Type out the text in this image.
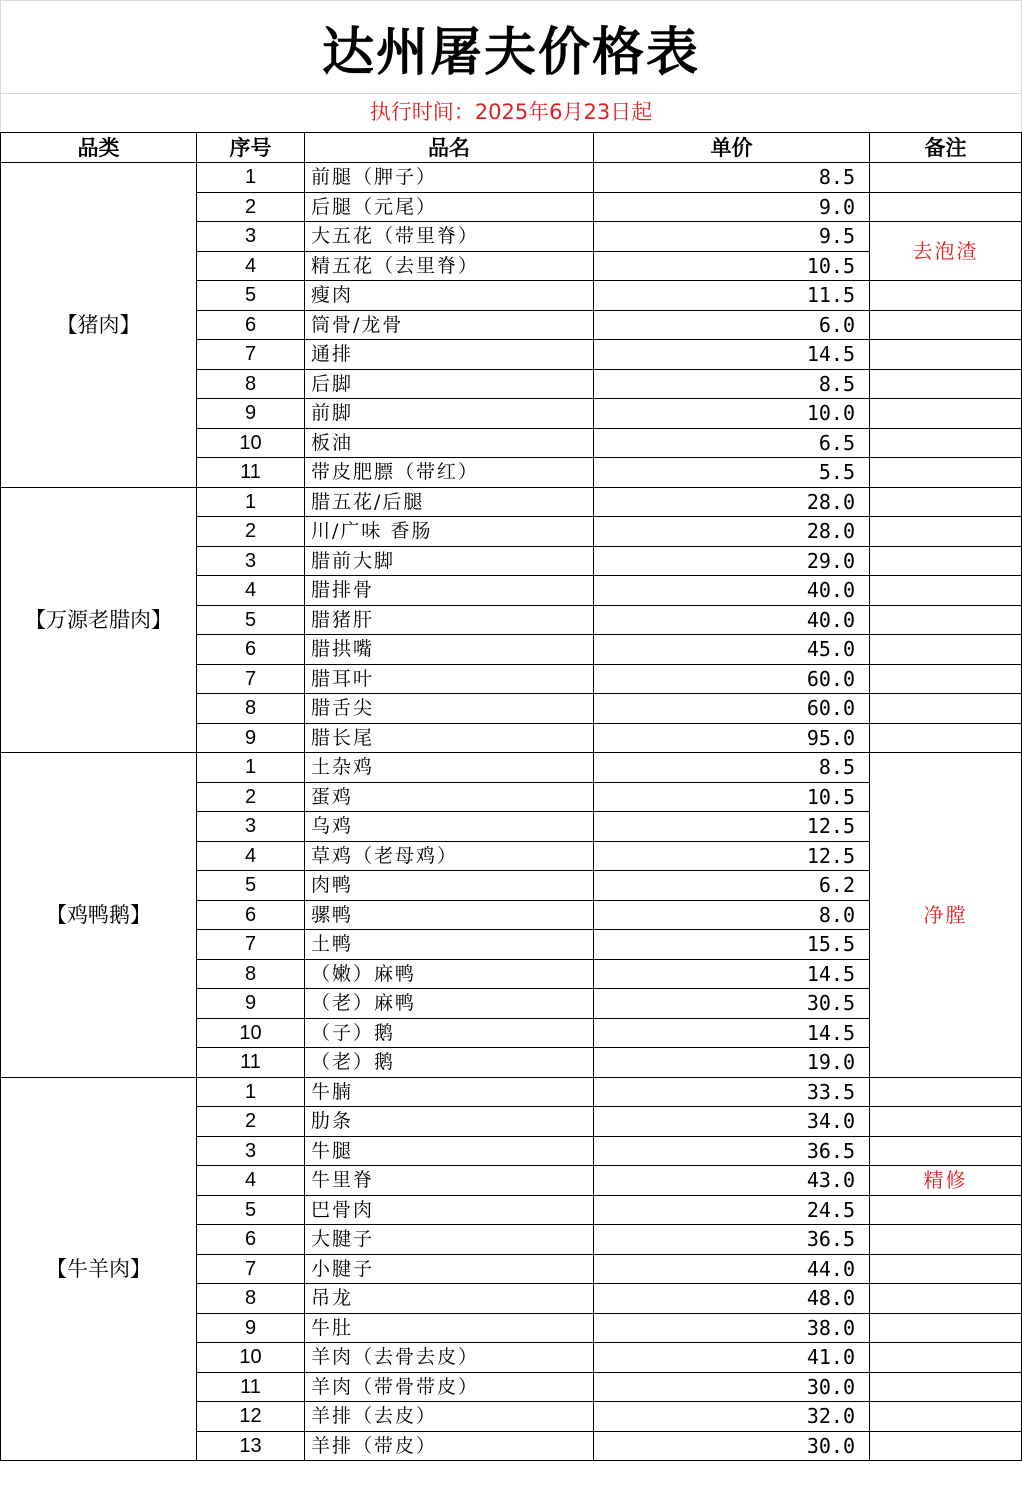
达州屠夫价格表
执行时间：2025年6月23日起
品类	序号	品名	单价	备注
【猪肉】	1	前腿（胛子）	8.5	
	2	后腿（元尾）	9.0	
	3	大五花（带里脊）	9.5	去泡渣
	4	精五花（去里脊）	10.5	
	5	瘦肉	11.5	
	6	筒骨/龙骨	6.0	
	7	通排	14.5	
	8	后脚	8.5	
	9	前脚	10.0	
	10	板油	6.5	
	11	带皮肥膘（带红）	5.5	
【万源老腊肉】	1	腊五花/后腿	28.0	
	2	川/广味 香肠	28.0	
	3	腊前大脚	29.0	
	4	腊排骨	40.0	
	5	腊猪肝	40.0	
	6	腊拱嘴	45.0	
	7	腊耳叶	60.0	
	8	腊舌尖	60.0	
	9	腊长尾	95.0	
【鸡鸭鹅】	1	土杂鸡	8.5	净膛
	2	蛋鸡	10.5	
	3	乌鸡	12.5	
	4	草鸡（老母鸡）	12.5	
	5	肉鸭	6.2	
	6	骡鸭	8.0	
	7	土鸭	15.5	
	8	（嫩）麻鸭	14.5	
	9	（老）麻鸭	30.5	
	10	（子）鹅	14.5	
	11	（老）鹅	19.0	
【牛羊肉】	1	牛腩	33.5	
	2	肋条	34.0	
	3	牛腿	36.5	
	4	牛里脊	43.0	精修
	5	巴骨肉	24.5	
	6	大腱子	36.5	
	7	小腱子	44.0	
	8	吊龙	48.0	
	9	牛肚	38.0	
	10	羊肉（去骨去皮）	41.0	
	11	羊肉（带骨带皮）	30.0	
	12	羊排（去皮）	32.0	
	13	羊排（带皮）	30.0	
